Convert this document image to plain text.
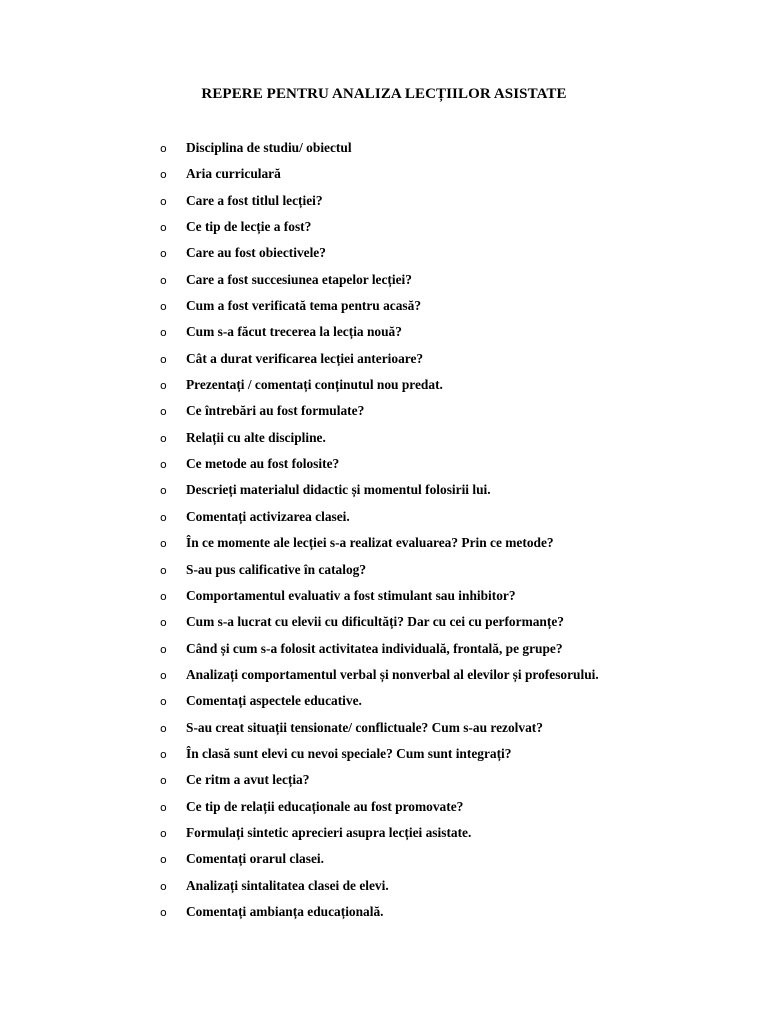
REPERE PENTRU ANALIZA LECȚIILOR ASISTATE
o	Disciplina de studiu/ obiectul
o	Aria curriculară
o	Care a fost titlul lecției?
o	Ce tip de lecție a fost?
o	Care au fost obiectivele?
o	Care a fost succesiunea etapelor lecției?
o	Cum a fost verificată tema pentru acasă?
o	Cum s-a făcut trecerea la lecția nouă?
o	Cât a durat verificarea lecției anterioare?
o	Prezentați / comentați conținutul nou predat.
o	Ce întrebări au fost formulate?
o	Relații cu alte discipline.
o	Ce metode au fost folosite?
o	Descrieți materialul didactic și momentul folosirii lui.
o	Comentați activizarea clasei.
o	În ce momente ale lecției s-a realizat evaluarea? Prin ce metode?
o	S-au pus calificative în catalog?
o	Comportamentul evaluativ a fost stimulant sau inhibitor?
o	Cum s-a lucrat cu elevii cu dificultăți? Dar cu cei cu performanțe?
o	Când și cum s-a folosit activitatea individuală, frontală, pe grupe?
o	Analizați comportamentul verbal și nonverbal al elevilor și profesorului.
o	Comentați aspectele educative.
o	S-au creat situații tensionate/ conflictuale? Cum s-au rezolvat?
o	În clasă sunt elevi cu nevoi speciale? Cum sunt integrați?
o	Ce ritm a avut lecția?
o	Ce tip de relații educaționale au fost promovate?
o	Formulați sintetic aprecieri asupra lecției asistate.
o	Comentați orarul clasei.
o	Analizați sintalitatea clasei de elevi.
o	Comentați ambianța educațională.
